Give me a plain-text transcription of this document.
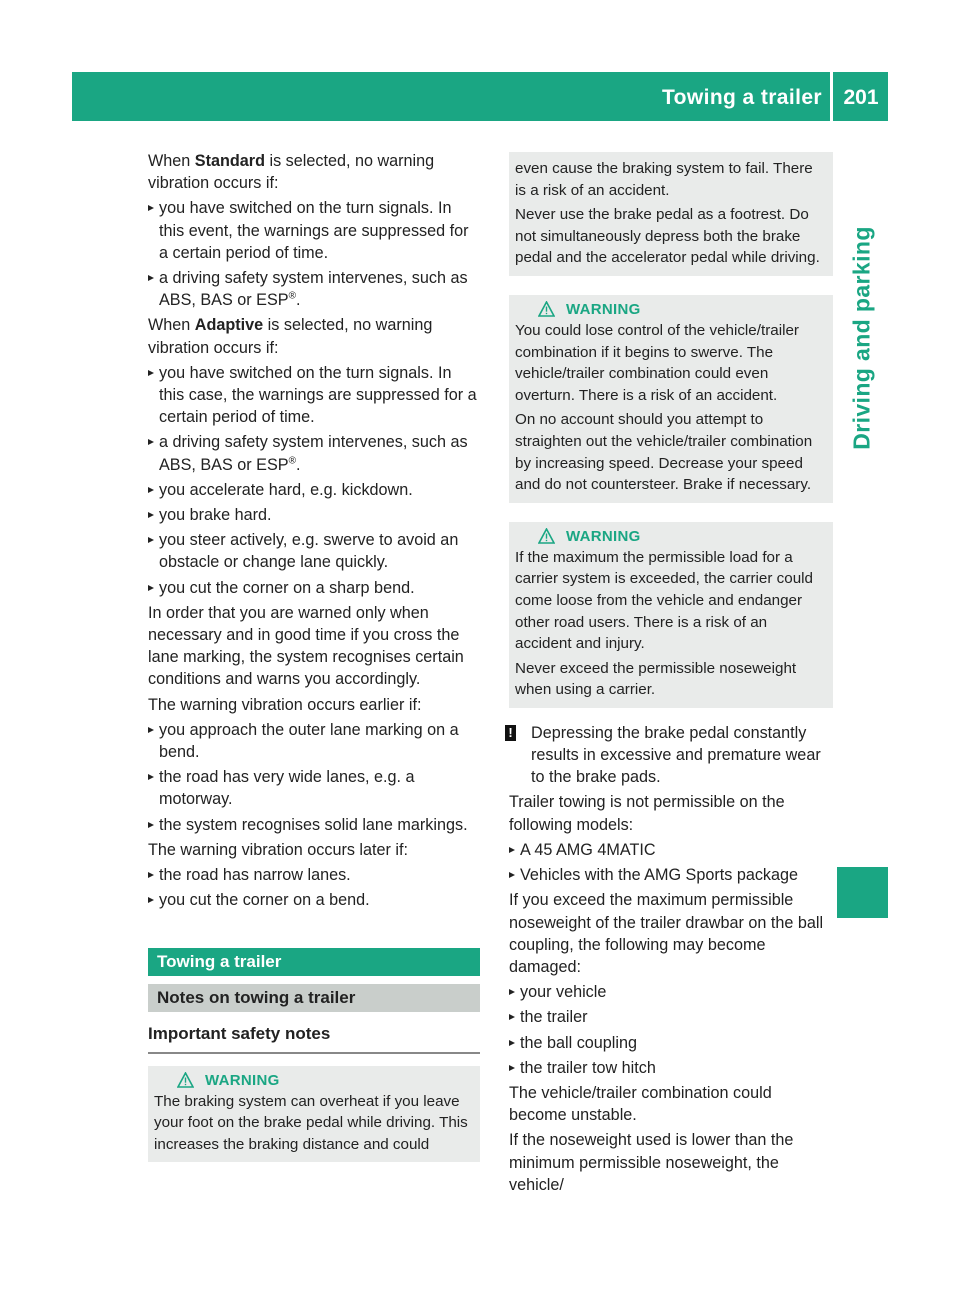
Towing a trailer	201
Driving and parking

When Standard is selected, no warning vibration occurs if:

you have switched on the turn signals. In this event, the warnings are suppressed for a certain period of time.

a driving safety system intervenes, such as ABS, BAS or ESP®.

When Adaptive is selected, no warning vibration occurs if:

you have switched on the turn signals. In this case, the warnings are suppressed for a certain period of time.

a driving safety system intervenes, such as ABS, BAS or ESP®.

you accelerate hard, e.g. kickdown.

you brake hard.

you steer actively, e.g. swerve to avoid an obstacle or change lane quickly.

you cut the corner on a sharp bend.

In order that you are warned only when necessary and in good time if you cross the lane marking, the system recognises certain conditions and warns you accordingly.

The warning vibration occurs earlier if:

you approach the outer lane marking on a bend.

the road has very wide lanes, e.g. a motorway.

the system recognises solid lane markings.

The warning vibration occurs later if:

the road has narrow lanes.

you cut the corner on a bend.

Towing a trailer
Notes on towing a trailer
Important safety notes
WARNING

The braking system can overheat if you leave your foot on the brake pedal while driving. This increases the braking distance and could

even cause the braking system to fail. There is a risk of an accident.

Never use the brake pedal as a footrest. Do not simultaneously depress both the brake pedal and the accelerator pedal while driving.

WARNING

You could lose control of the vehicle/trailer combination if it begins to swerve. The vehicle/trailer combination could even overturn. There is a risk of an accident.

On no account should you attempt to straighten out the vehicle/trailer combination by increasing speed. Decrease your speed and do not countersteer. Brake if necessary.

WARNING

If the maximum the permissible load for a carrier system is exceeded, the carrier could come loose from the vehicle and endanger other road users. There is a risk of an accident and injury.

Never exceed the permissible noseweight when using a carrier.

! Depressing the brake pedal constantly results in excessive and premature wear to the brake pads.

Trailer towing is not permissible on the following models:

A 45 AMG 4MATIC

Vehicles with the AMG Sports package

If you exceed the maximum permissible noseweight of the trailer drawbar on the ball coupling, the following may become damaged:

your vehicle

the trailer

the ball coupling

the trailer tow hitch

The vehicle/trailer combination could become unstable.

If the noseweight used is lower than the minimum permissible noseweight, the vehicle/
